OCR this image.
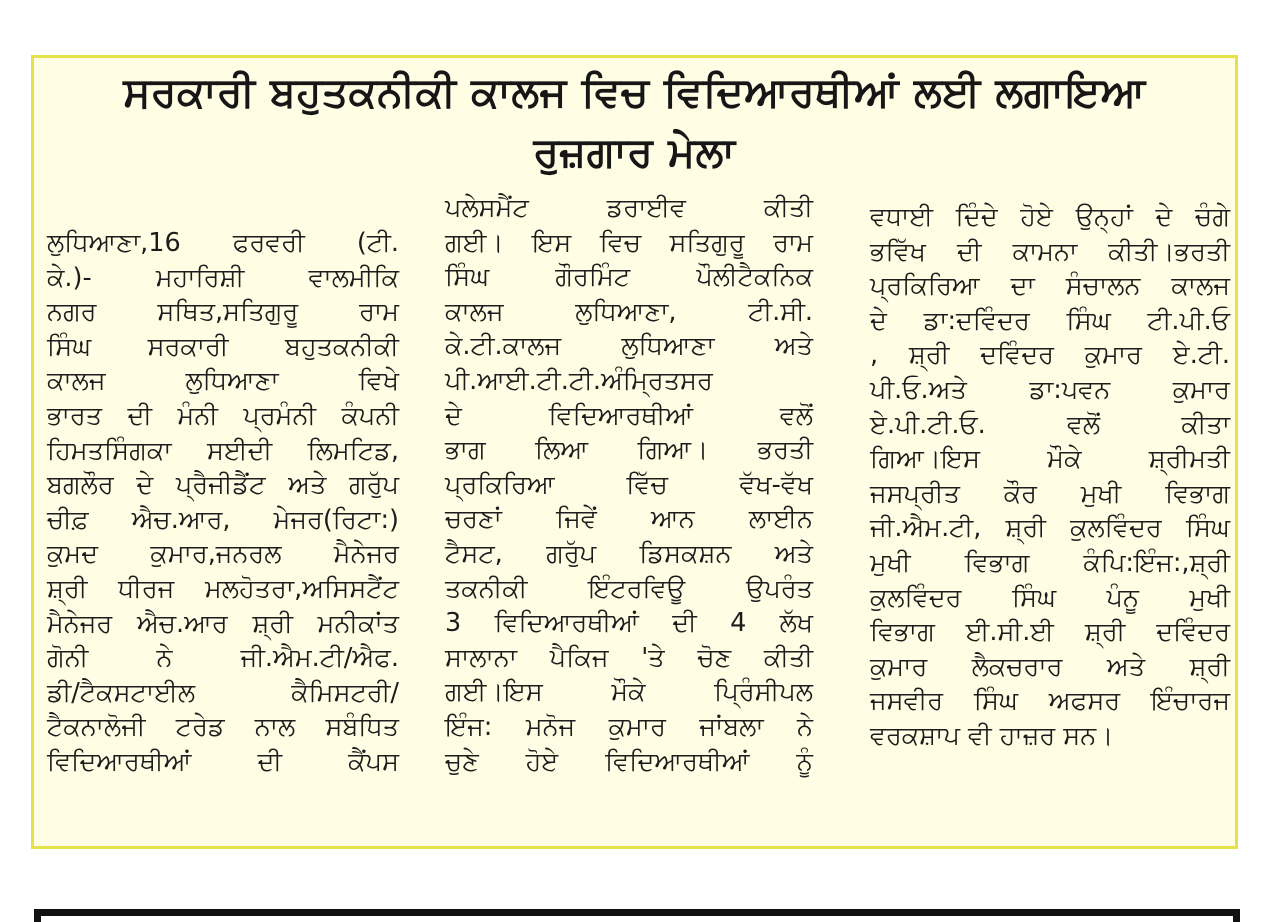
ਸਰਕਾਰੀ ਬਹੁਤਕਨੀਕੀ ਕਾਲਜ ਵਿਚ ਵਿਦਿਆਰਥੀਆਂ ਲਈ ਲਗਾਇਆ
ਰੁਜ਼ਗਾਰ ਮੇਲਾ
ਲੁਧਿਆਣਾ,16 ਫਰਵਰੀ (ਟੀ.
ਕੇ.)- ਮਹਾਰਿਸ਼ੀ ਵਾਲਮੀਕਿ
ਨਗਰ ਸਥਿਤ,ਸਤਿਗੁਰੂ ਰਾਮ
ਸਿੰਘ ਸਰਕਾਰੀ ਬਹੁਤਕਨੀਕੀ
ਕਾਲਜ ਲੁਧਿਆਣਾ ਵਿਖੇ
ਭਾਰਤ ਦੀ ਮੰਨੀ ਪ੍ਰਮੰਨੀ ਕੰਪਨੀ
ਹਿਮਤਸਿੰਗਕਾ ਸਈਦੀ ਲਿਮਟਿਡ,
ਬਗਲੌਰ ਦੇ ਪ੍ਰੈਜੀਡੈਂਟ ਅਤੇ ਗਰੁੱਪ
ਚੀਫ਼ ਐਚ.ਆਰ, ਮੇਜਰ(ਰਿਟਾ:)
ਕੁਮਦ ਕੁਮਾਰ,ਜਨਰਲ ਮੈਨੇਜਰ
ਸ਼੍ਰੀ ਧੀਰਜ ਮਲਹੋਤਰਾ,ਅਸਿਸਟੈਂਟ
ਮੈਨੇਜਰ ਐਚ.ਆਰ ਸ਼੍ਰੀ ਮਨੀਕਾਂਤ
ਗੋਨੀ ਨੇ ਜੀ.ਐਮ.ਟੀ/ਐਫ.
ਡੀ/ਟੈਕਸਟਾਈਲ ਕੈਮਿਸਟਰੀ/
ਟੈਕਨਾਲੋਜੀ ਟਰੇਡ ਨਾਲ ਸਬੰਧਿਤ
ਵਿਦਿਆਰਥੀਆਂ ਦੀ ਕੈਂਪਸ
ਪਲੇਸਮੈਂਟ ਡਰਾਈਵ ਕੀਤੀ
ਗਈ। ਇਸ ਵਿਚ ਸਤਿਗੁਰੂ ਰਾਮ
ਸਿੰਘ ਗੌਰਮਿੰਟ ਪੌਲੀਟੈਕਨਿਕ
ਕਾਲਜ ਲੁਧਿਆਣਾ, ਟੀ.ਸੀ.
ਕੇ.ਟੀ.ਕਾਲਜ ਲੁਧਿਆਣਾ ਅਤੇ
ਪੀ.ਆਈ.ਟੀ.ਟੀ.ਅੰਮ੍ਰਿਤਸਰ
ਦੇ ਵਿਦਿਆਰਥੀਆਂ ਵਲੋਂ
ਭਾਗ ਲਿਆ ਗਿਆ। ਭਰਤੀ
ਪ੍ਰਕਿਰਿਆ ਵਿੱਚ ਵੱਖ-ਵੱਖ
ਚਰਣਾਂ ਜਿਵੇਂ ਆਨ ਲਾਈਨ
ਟੈਸਟ, ਗਰੁੱਪ ਡਿਸਕਸ਼ਨ ਅਤੇ
ਤਕਨੀਕੀ ਇੰਟਰਵਿਊ ਉਪਰੰਤ
3 ਵਿਦਿਆਰਥੀਆਂ ਦੀ 4 ਲੱਖ
ਸਾਲਾਨਾ ਪੈਕਿਜ 'ਤੇ ਚੋਣ ਕੀਤੀ
ਗਈ।ਇਸ ਮੌਕੇ ਪ੍ਰਿੰਸੀਪਲ
ਇੰਜ: ਮਨੋਜ ਕੁਮਾਰ ਜਾਂਬਲਾ ਨੇ
ਚੁਣੇ ਹੋਏ ਵਿਦਿਆਰਥੀਆਂ ਨੂੰ
ਵਧਾਈ ਦਿੰਦੇ ਹੋਏ ਉਨ੍ਹਾਂ ਦੇ ਚੰਗੇ
ਭਵਿੱਖ ਦੀ ਕਾਮਨਾ ਕੀਤੀ।ਭਰਤੀ
ਪ੍ਰਕਿਰਿਆ ਦਾ ਸੰਚਾਲਨ ਕਾਲਜ
ਦੇ ਡਾ:ਦਵਿੰਦਰ ਸਿੰਘ ਟੀ.ਪੀ.ਓ
, ਸ਼੍ਰੀ ਦਵਿੰਦਰ ਕੁਮਾਰ ਏ.ਟੀ.
ਪੀ.ਓ.ਅਤੇ ਡਾ:ਪਵਨ ਕੁਮਾਰ
ਏ.ਪੀ.ਟੀ.ਓ. ਵਲੋਂ ਕੀਤਾ
ਗਿਆ।ਇਸ ਮੌਕੇ ਸ਼੍ਰੀਮਤੀ
ਜਸਪ੍ਰੀਤ ਕੌਰ ਮੁਖੀ ਵਿਭਾਗ
ਜੀ.ਐਮ.ਟੀ, ਸ਼੍ਰੀ ਕੁਲਵਿੰਦਰ ਸਿੰਘ
ਮੁਖੀ ਵਿਭਾਗ ਕੰਪਿ:ਇੰਜ:,ਸ਼੍ਰੀ
ਕੁਲਵਿੰਦਰ ਸਿੰਘ ਪੰਨੂ ਮੁਖੀ
ਵਿਭਾਗ ਈ.ਸੀ.ਈ ਸ਼੍ਰੀ ਦਵਿੰਦਰ
ਕੁਮਾਰ ਲੈਕਚਰਾਰ ਅਤੇ ਸ਼੍ਰੀ
ਜਸਵੀਰ ਸਿੰਘ ਅਫਸਰ ਇੰਚਾਰਜ
ਵਰਕਸ਼ਾਪ ਵੀ ਹਾਜ਼ਰ ਸਨ।
